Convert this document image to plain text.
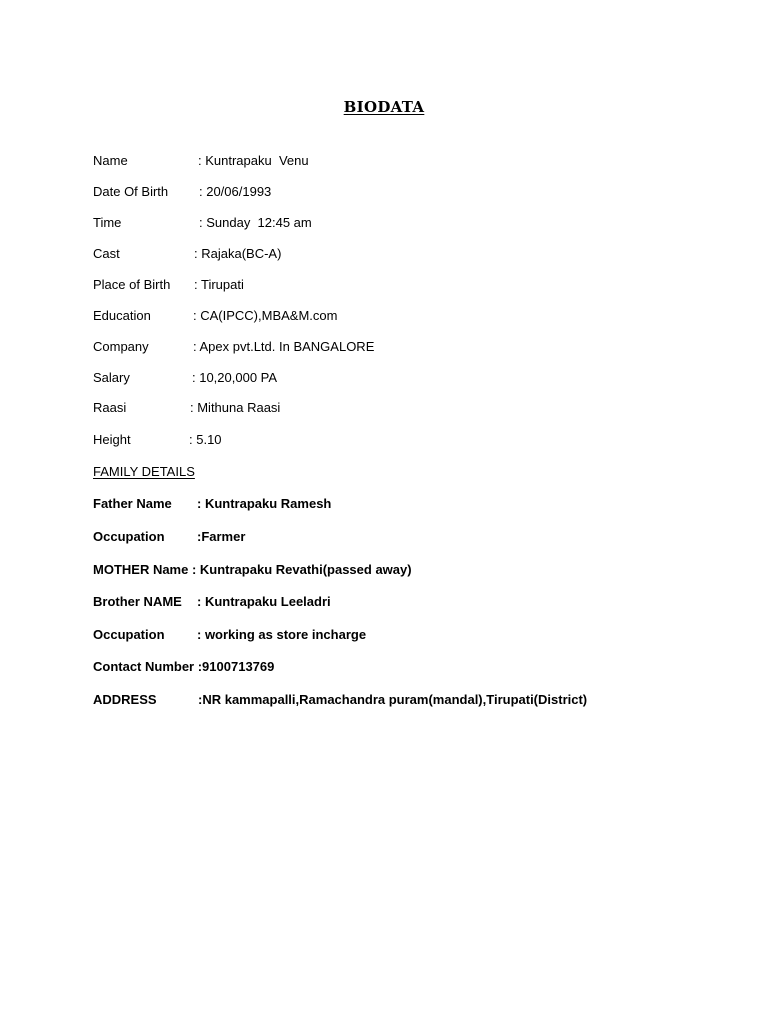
BIODATA

Name

	: Kuntrapaku  Venu

Date Of Birth

: 20/06/1993

Time

	: Sunday  12:45 am

Cast

	: Rajaka(BC-A)

Place of Birth

: Tirupati

Education

	: CA(IPCC),MBA&M.com

Company

	: Apex pvt.Ltd. In BANGALORE

Salary

	: 10,20,000 PA

Raasi

	: Mithuna Raasi

Height

	: 5.10

FAMILY DETAILS

Father Name

: Kuntrapaku Ramesh

Occupation

:Farmer

MOTHER Name : Kuntrapaku Revathi(passed away)

Brother NAME

: Kuntrapaku Leeladri

Occupation

: working as store incharge

Contact Number :9100713769

ADDRESS

	:NR kammapalli,Ramachandra puram(mandal),Tirupati(District)
